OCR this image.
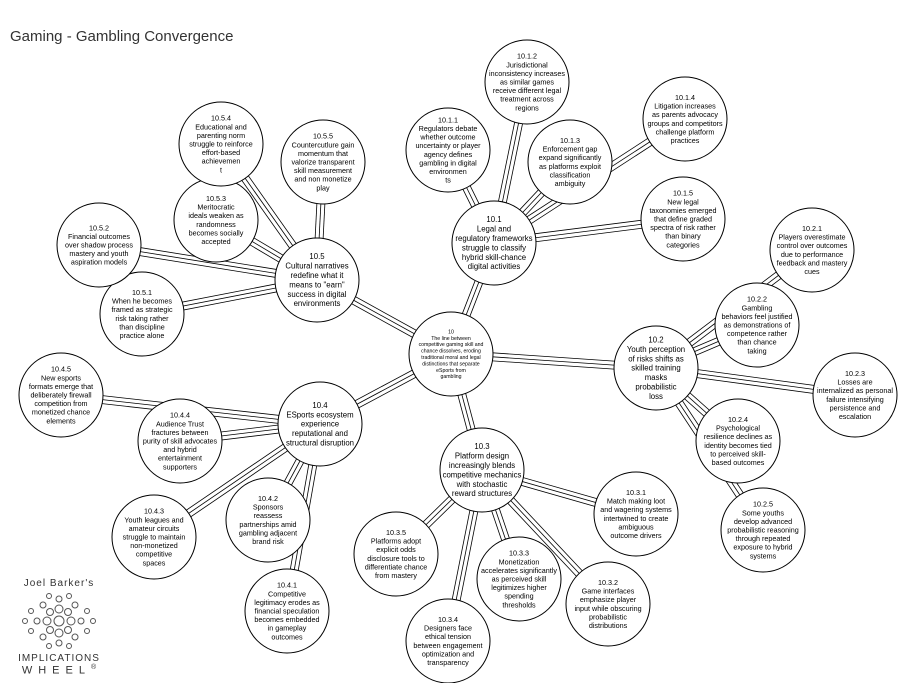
Gaming - Gambling Convergence
10
The line between
competitive gaming skill and
chance dissolves, eroding
traditional moral and legal
distinctions that separate
eSports from
gambling
10.1
Legal and
regulatory frameworks
struggle to classify
hybrid skill-chance
digital activities
10.1.1
Regulators debate
whether outcome
uncertainty or player
agency defines
gambling in digital
environmen
ts
10.1.2
Jurisdictional
inconsistency increases
as similar games
receive different legal
treatment across
regions
10.1.3
Enforcement gap
expand significantly
as platforms exploit
classification
ambiguity
10.1.4
Litigation increases
as parents advocacy
groups and competitors
challenge platform
practices
10.1.5
New legal
taxonomies emerged
that define graded
spectra of risk rather
than binary
categories
10.2
Youth perception
of risks shifts as
skilled training
masks
probabilistic
loss
10.2.1
Players overestimate
control over outcomes
due to performance
feedback and mastery
cues
10.2.2
Gambling
behaviors feel justified
as demonstrations of
competence rather
than chance
taking
10.2.3
Losses are
internalized as personal
failure intensifying
persistence and
escalation
10.2.4
Psychological
resilience declines as
identity becomes tied
to perceived skill-
based outcomes
10.2.5
Some youths
develop advanced
probabilistic reasoning
through repeated
exposure to hybrid
systems
10.3
Platform design
increasingly blends
competitive mechanics
with stochastic
reward structures	10.3.1
Match making loot
and wagering systems
intertwined to create
ambiguous
outcome drivers
10.3.2
Game interfaces
emphasize player
input while obscuring
probabilistic
distributions
10.3.3
Monetization
accelerates significantly
as perceived skill
legitimizes higher
spending
thresholds
10.3.4
Designers face
ethical tension
between engagement
optimization and
transparency
10.3.5
Platforms adopt
explicit odds
disclosure tools to
differentiate chance
from mastery
10.4
ESports ecosystem
experience
reputational and
structural disruption
10.4.1
Competitive
legitimacy erodes as
financial speculation
becomes embedded
in gameplay
outcomes
10.4.2
Sponsors
reassess
partnerships amid
gambling adjacent
brand risk
10.4.3
Youth leagues and
amateur circuits
struggle to maintain
non-monetized
competitive
spaces
10.4.4
Audience Trust
fractures between
purity of skill advocates
and hybrid
entertainment
supporters
10.4.5
New esports
formats emerge that
deliberately firewall
competition from
monetized chance
elements
10.5
Cultural narratives
redefine what it
means to "earn"
success in digital
environments
10.5.1
When he becomes
framed as strategic
risk taking rather
than discipline
practice alone
10.5.2
Financial outcomes
over shadow process
mastery and youth
aspiration models
10.5.3
Meritocratic
ideals weaken as
randomness
becomes socially
accepted
10.5.4
Educational and
parenting norm
struggle to reinforce
effort-based
achievemen
t
10.5.5
Countercutlure gain
momentum that
valorize transparent
skill measurement
and non monetize
play
Joel Barker's
IMPLICATIONS
WHEEL®
